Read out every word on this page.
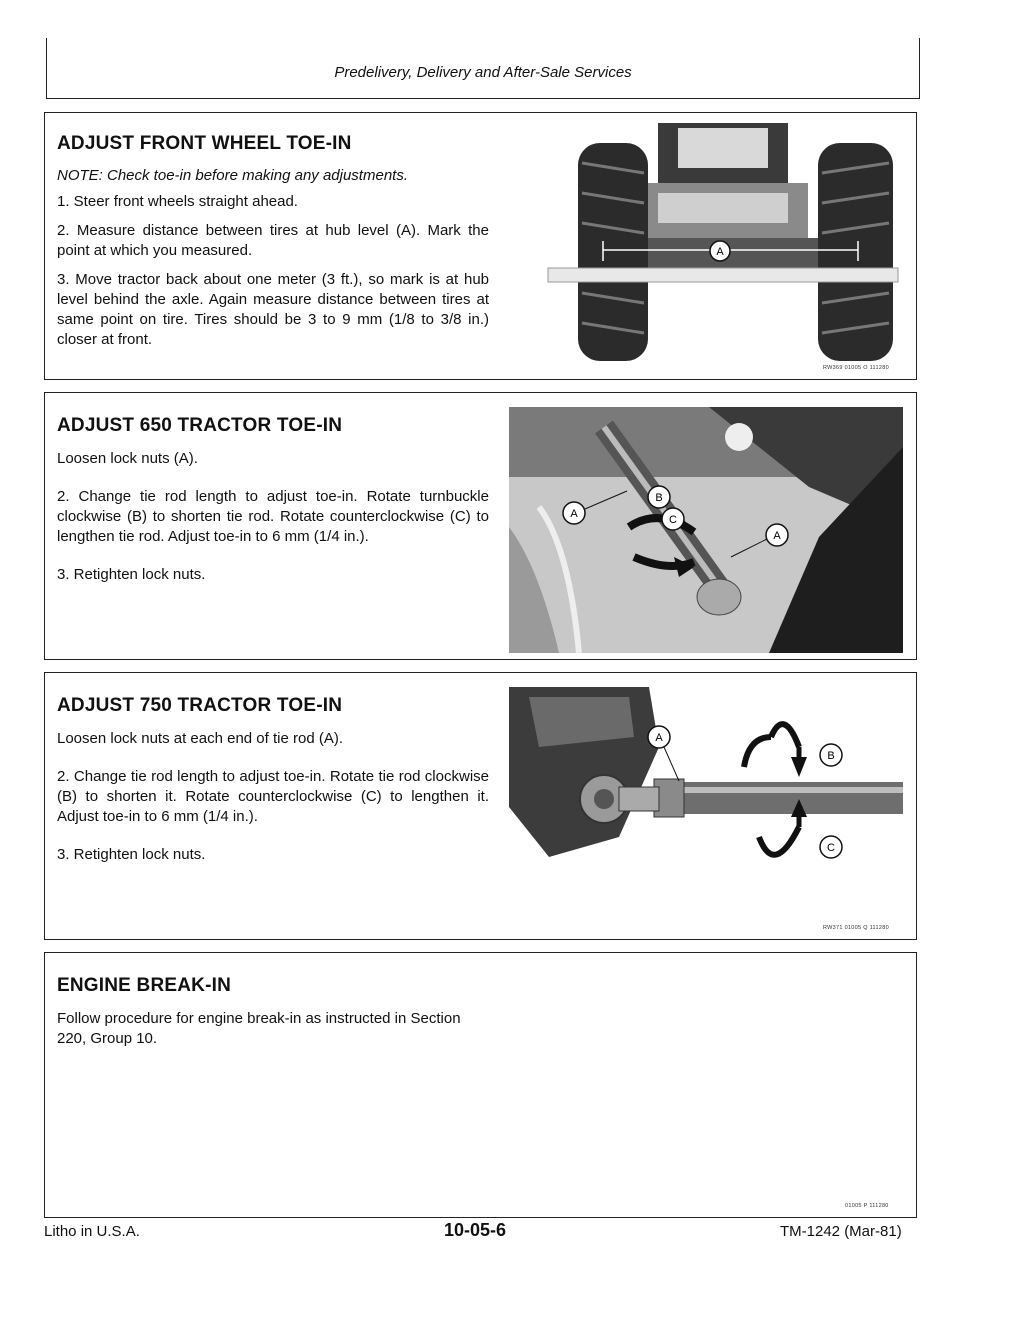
Predelivery, Delivery and After-Sale Services
ADJUST FRONT WHEEL TOE-IN
NOTE: Check toe-in before making any adjustments.
1. Steer front wheels straight ahead.
2. Measure distance between tires at hub level (A). Mark the point at which you measured.
3. Move tractor back about one meter (3 ft.), so mark is at hub level behind the axle. Again measure distance between tires at same point on tire. Tires should be 3 to 9 mm (1/8 to 3/8 in.) closer at front.
A
RW369 01005 O 111280
ADJUST 650 TRACTOR TOE-IN
Loosen lock nuts (A).
2. Change tie rod length to adjust toe-in. Rotate turnbuckle clockwise (B) to shorten tie rod. Rotate counterclockwise (C) to lengthen tie rod. Adjust toe-in to 6 mm (1/4 in.).
3. Retighten lock nuts.
A
B
C
A
ADJUST 750 TRACTOR TOE-IN
Loosen lock nuts at each end of tie rod (A).
2. Change tie rod length to adjust toe-in. Rotate tie rod clockwise (B) to shorten it. Rotate counterclockwise (C) to lengthen it. Adjust toe-in to 6 mm (1/4 in.).
3. Retighten lock nuts.
A
B
C
RW371 01005 Q 111280
ENGINE BREAK-IN
Follow procedure for engine break-in as instructed in Section 220, Group 10.
01005 P 111280
Litho in U.S.A.	10-05-6	TM-1242 (Mar-81)
